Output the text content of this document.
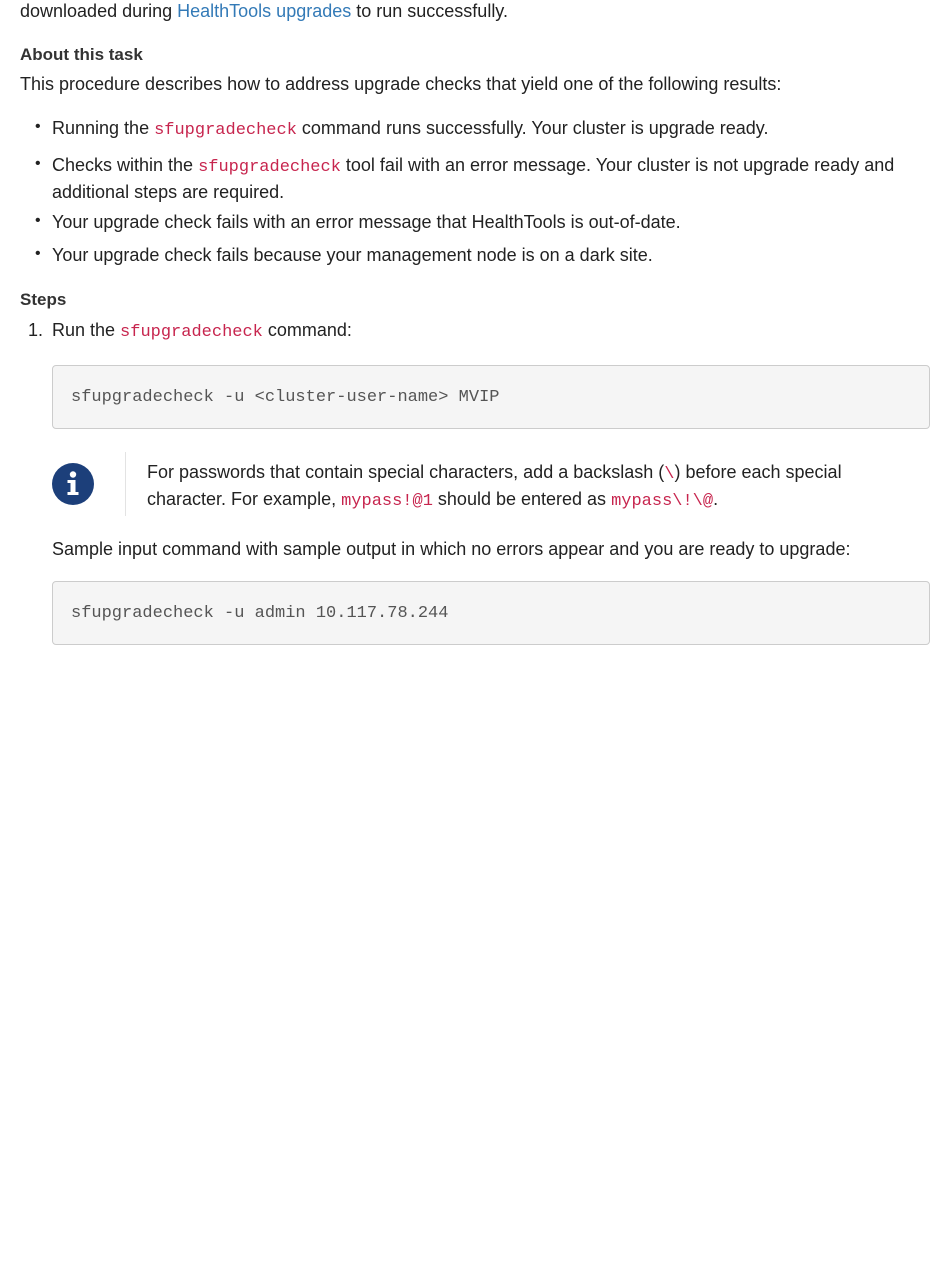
downloaded during HealthTools upgrades to run successfully.
About this task
This procedure describes how to address upgrade checks that yield one of the following results:
• Running the sfupgradecheck command runs successfully. Your cluster is upgrade ready.
• Checks within the sfupgradecheck tool fail with an error message. Your cluster is not upgrade ready and
additional steps are required.
• Your upgrade check fails with an error message that HealthTools is out-of-date.
• Your upgrade check fails because your management node is on a dark site.
Steps
1. Run the sfupgradecheck command:
sfupgradecheck -u <cluster-user-name> MVIP
For passwords that contain special characters, add a backslash (\) before each special
character. For example, mypass!@1 should be entered as mypass\!\@.
Sample input command with sample output in which no errors appear and you are ready to upgrade:
sfupgradecheck -u admin 10.117.78.244
